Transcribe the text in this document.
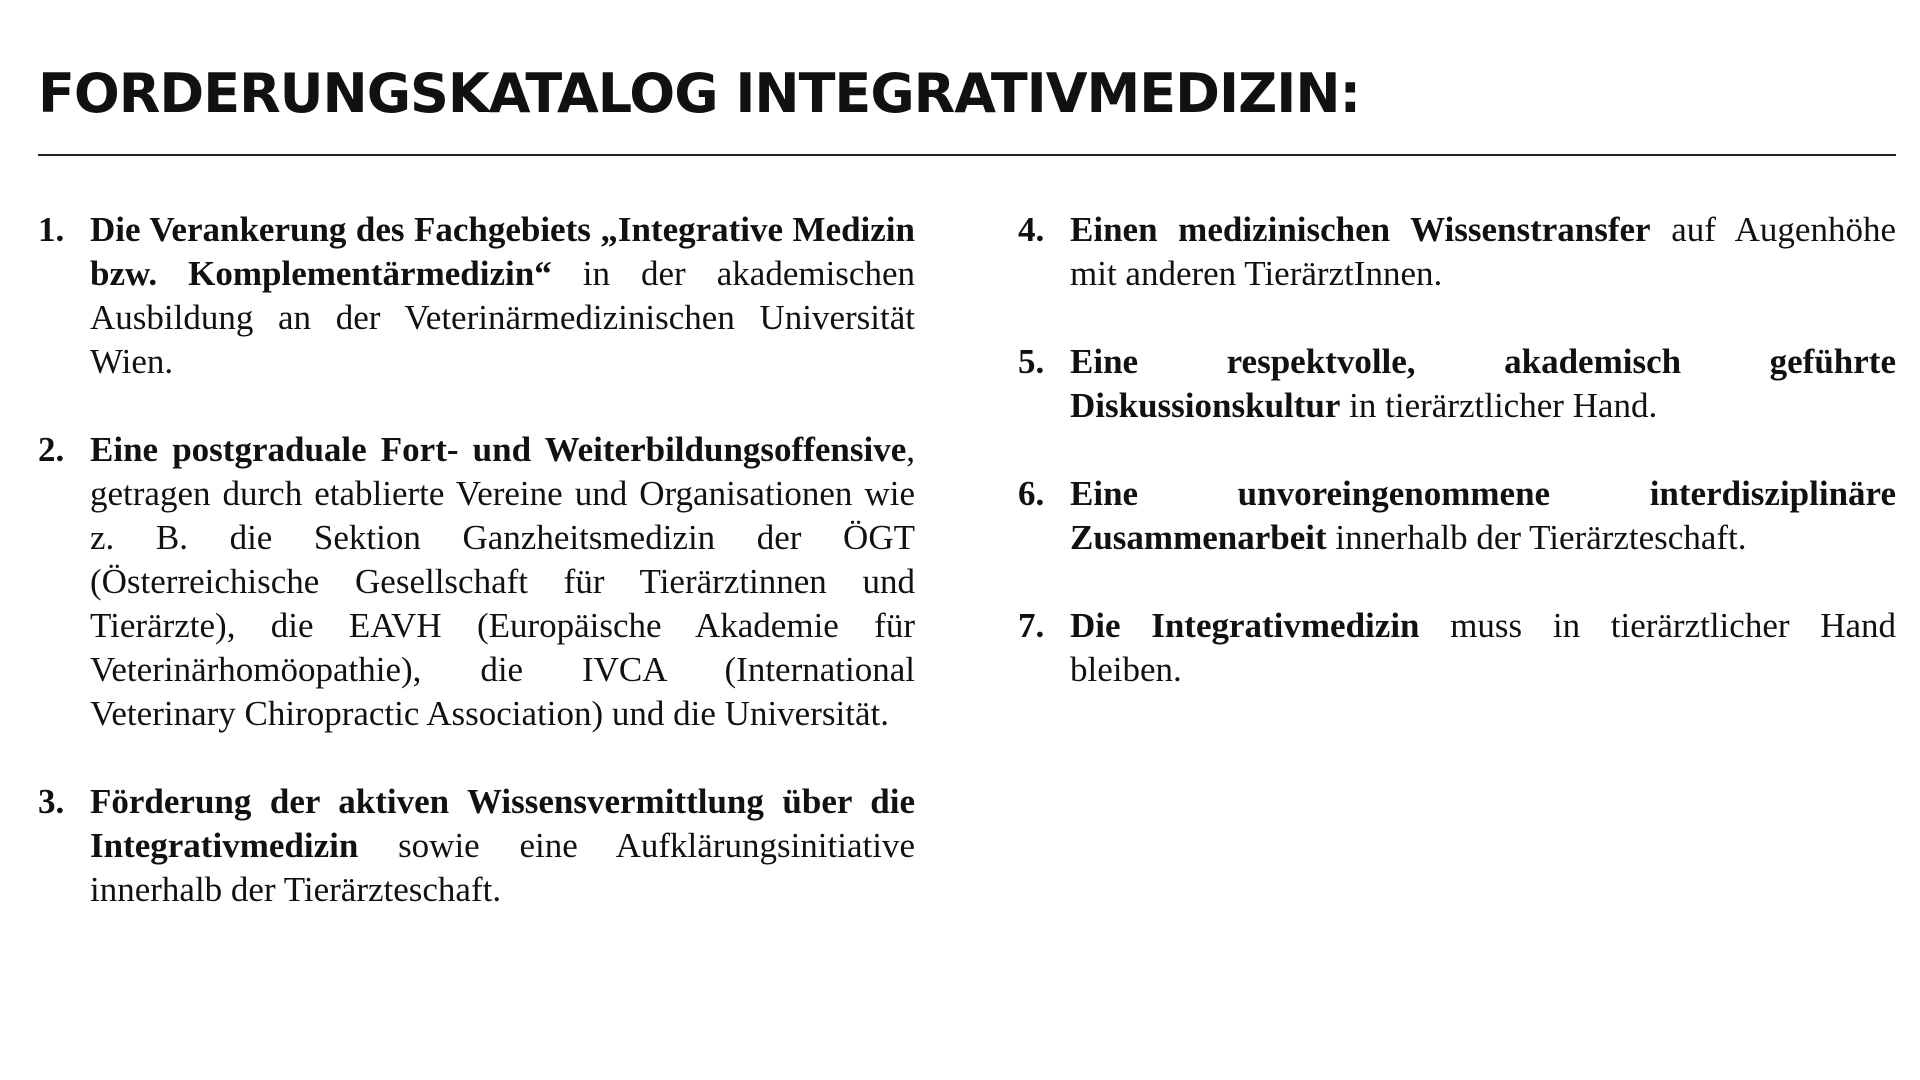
FORDERUNGSKATALOG INTEGRATIVMEDIZIN:
1. Die Verankerung des Fachgebiets „Integrative Medizin bzw. Komplementärmedizin“ in der akademischen Ausbildung an der Veterinärmedizinischen Universität Wien.
2. Eine postgraduale Fort- und Weiterbildungsoffensive, getragen durch etablierte Vereine und Organisationen wie z. B. die Sektion Ganzheitsmedizin der ÖGT (Österreichische Gesellschaft für Tierärztinnen und Tierärzte), die EAVH (Europäische Akademie für Veterinärhomöopathie), die IVCA (International Veterinary Chiropractic Association) und die Universität.
3. Förderung der aktiven Wissensvermittlung über die Integrativmedizin sowie eine Aufklärungsinitiative innerhalb der Tierärzteschaft.
4. Einen medizinischen Wissenstransfer auf Augenhöhe mit anderen TierärztInnen.
5. Eine respektvolle, akademisch geführte Diskussionskultur in tierärztlicher Hand.
6. Eine unvoreingenommene interdisziplinäre Zusammenarbeit innerhalb der Tierärzteschaft.
7. Die Integrativmedizin muss in tierärztlicher Hand bleiben.
